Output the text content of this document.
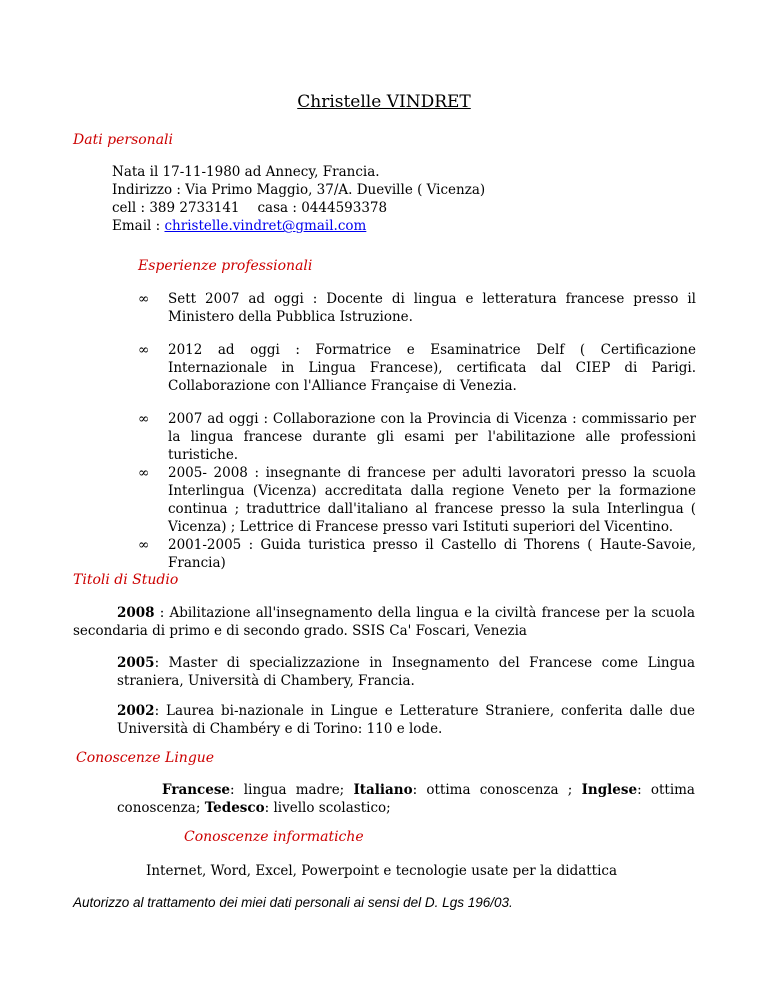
Christelle VINDRET
Dati personali
Nata il 17-11-1980 ad Annecy, Francia.
Indirizzo : Via Primo Maggio, 37/A. Dueville ( Vicenza)
cell : 389 2733141 casa : 0444593378
Email : christelle.vindret@gmail.com
Esperienze professionali
∞ Sett 2007 ad oggi : Docente di lingua e letteratura francese presso il Ministero della Pubblica Istruzione.
∞ 2012 ad oggi : Formatrice e Esaminatrice Delf ( Certificazione Internazionale in Lingua Francese), certificata dal CIEP di Parigi. Collaborazione con l'Alliance Française di Venezia.
∞ 2007 ad oggi : Collaborazione con la Provincia di Vicenza : commissario per la lingua francese durante gli esami per l'abilitazione alle professioni turistiche.
∞ 2005- 2008 : insegnante di francese per adulti lavoratori presso la scuola Interlingua (Vicenza) accreditata dalla regione Veneto per la formazione continua ; traduttrice dall'italiano al francese presso la sula Interlingua ( Vicenza) ; Lettrice di Francese presso vari Istituti superiori del Vicentino.
∞ 2001-2005 : Guida turistica presso il Castello di Thorens ( Haute-Savoie, Francia)
Titoli di Studio
2008 : Abilitazione all'insegnamento della lingua e la civiltà francese per la scuola secondaria di primo e di secondo grado. SSIS Ca' Foscari, Venezia
2005: Master di specializzazione in Insegnamento del Francese come Lingua straniera, Università di Chambery, Francia.
2002: Laurea bi-nazionale in Lingue e Letterature Straniere, conferita dalle due Università di Chambéry e di Torino: 110 e lode.
Conoscenze Lingue
Francese: lingua madre; Italiano: ottima conoscenza ; Inglese: ottima conoscenza; Tedesco: livello scolastico;
Conoscenze informatiche
Internet, Word, Excel, Powerpoint e tecnologie usate per la didattica
Autorizzo al trattamento dei miei dati personali ai sensi del D. Lgs 196/03.
